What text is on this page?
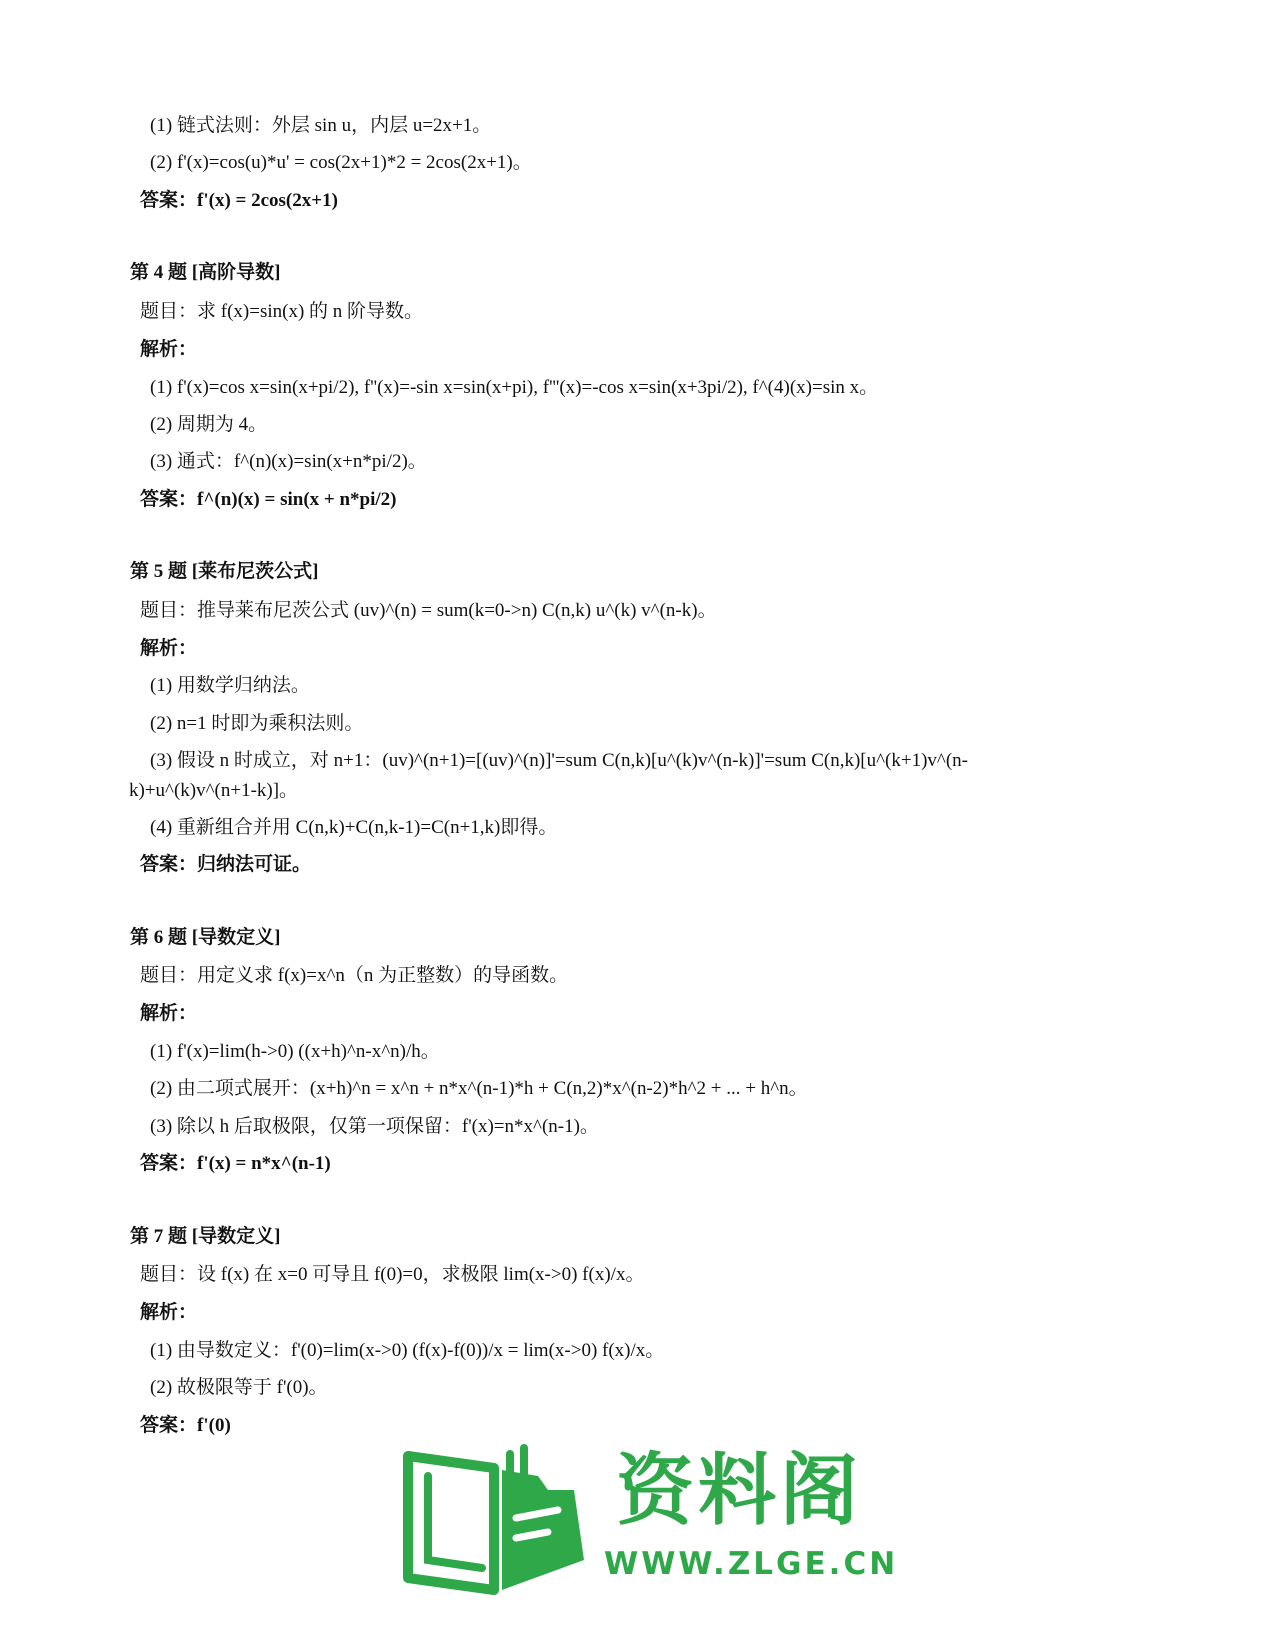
(1) 链式法则：外层 sin u，内层 u=2x+1。
(2) f'(x)=cos(u)*u' = cos(2x+1)*2 = 2cos(2x+1)。
答案：f'(x) = 2cos(2x+1)
第 4 题 [高阶导数]
题目：求 f(x)=sin(x) 的 n 阶导数。
解析：
(1) f'(x)=cos x=sin(x+pi/2), f''(x)=-sin x=sin(x+pi), f'''(x)=-cos x=sin(x+3pi/2), f^(4)(x)=sin x。
(2) 周期为 4。
(3) 通式：f^(n)(x)=sin(x+n*pi/2)。
答案：f^(n)(x) = sin(x + n*pi/2)
第 5 题 [莱布尼茨公式]
题目：推导莱布尼茨公式 (uv)^(n) = sum(k=0->n) C(n,k) u^(k) v^(n-k)。
解析：
(1) 用数学归纳法。
(2) n=1 时即为乘积法则。
(3) 假设 n 时成立，对 n+1：(uv)^(n+1)=[(uv)^(n)]'=sum C(n,k)[u^(k)v^(n-k)]'=sum C(n,k)[u^(k+1)v^(n-
k)+u^(k)v^(n+1-k)]。
(4) 重新组合并用 C(n,k)+C(n,k-1)=C(n+1,k)即得。
答案：归纳法可证。
第 6 题 [导数定义]
题目：用定义求 f(x)=x^n（n 为正整数）的导函数。
解析：
(1) f'(x)=lim(h->0) ((x+h)^n-x^n)/h。
(2) 由二项式展开：(x+h)^n = x^n + n*x^(n-1)*h + C(n,2)*x^(n-2)*h^2 + ... + h^n。
(3) 除以 h 后取极限，仅第一项保留：f'(x)=n*x^(n-1)。
答案：f'(x) = n*x^(n-1)
第 7 题 [导数定义]
题目：设 f(x) 在 x=0 可导且 f(0)=0，求极限 lim(x->0) f(x)/x。
解析：
(1) 由导数定义：f'(0)=lim(x->0) (f(x)-f(0))/x = lim(x->0) f(x)/x。
(2) 故极限等于 f'(0)。
答案：f'(0)
资料阁
WWW.ZLGE.CN
